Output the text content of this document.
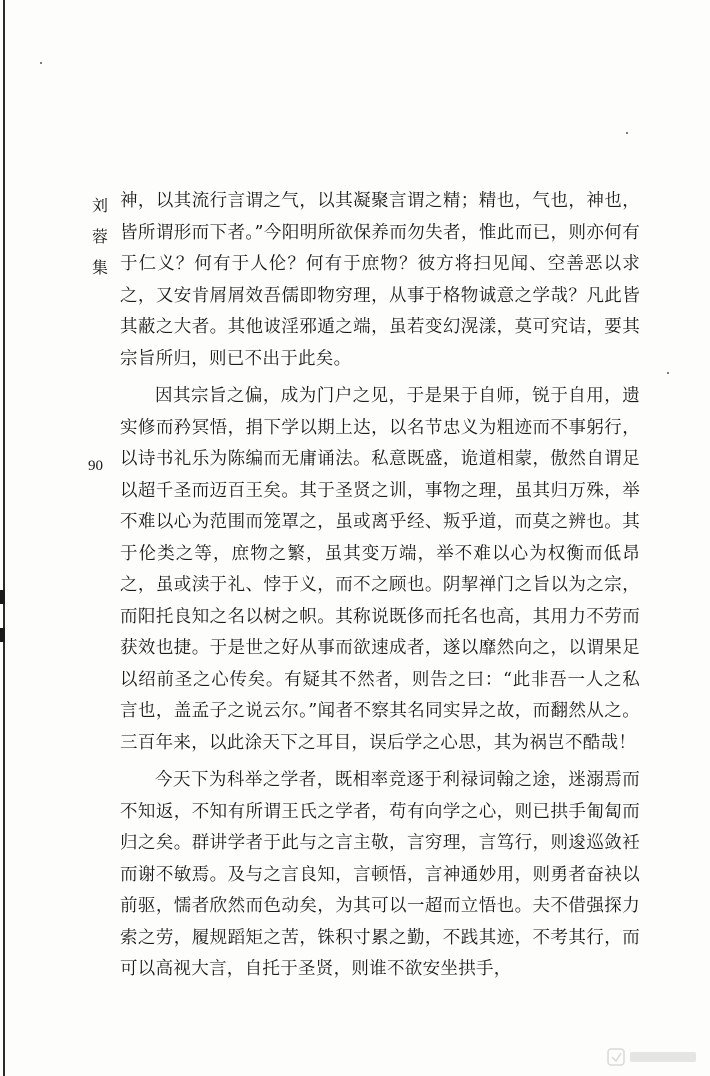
刘
蓉
集
90

神，以其流行言谓之气，以其凝聚言谓之精；精也，气也，神也，皆所谓形而下者。”今阳明所欲保养而勿失者，惟此而已，则亦何有于仁义？何有于人伦？何有于庶物？彼方将扫见闻、空善恶以求之，又安肯屑屑效吾儒即物穷理，从事于格物诚意之学哉？凡此皆其蔽之大者。其他诐淫邪遁之端，虽若变幻滉漾，莫可究诘，要其宗旨所归，则已不出于此矣。

因其宗旨之偏，成为门户之见，于是果于自师，锐于自用，遗实修而矜冥悟，捐下学以期上达，以名节忠义为粗迹而不事躬行，以诗书礼乐为陈编而无庸诵法。私意既盛，诡道相蒙，傲然自谓足以超千圣而迈百王矣。其于圣贤之训，事物之理，虽其归万殊，举不难以心为范围而笼罩之，虽或离乎经、叛乎道，而莫之辨也。其于伦类之等，庶物之繁，虽其变万端，举不难以心为权衡而低昂之，虽或渎于礼、悖于义，而不之顾也。阴挈禅门之旨以为之宗，而阳托良知之名以树之帜。其称说既侈而托名也高，其用力不劳而获效也捷。于是世之好从事而欲速成者，遂以靡然向之，以谓果足以绍前圣之心传矣。有疑其不然者，则告之曰：“此非吾一人之私言也，盖孟子之说云尔。”闻者不察其名同实异之故，而翻然从之。三百年来，以此涂天下之耳目，误后学之心思，其为祸岂不酷哉！

今天下为科举之学者，既相率竞逐于利禄词翰之途，迷溺焉而不知返，不知有所谓王氏之学者，苟有向学之心，则已拱手匍匐而归之矣。群讲学者于此与之言主敬，言穷理，言笃行，则逡巡敛衽而谢不敏焉。及与之言良知，言顿悟，言神通妙用，则勇者奋袂以前驱，懦者欣然而色动矣，为其可以一超而立悟也。夫不借强探力索之劳，履规蹈矩之苦，铢积寸累之勤，不践其迹，不考其行，而可以高视大言，自托于圣贤，则谁不欲安坐拱手，
